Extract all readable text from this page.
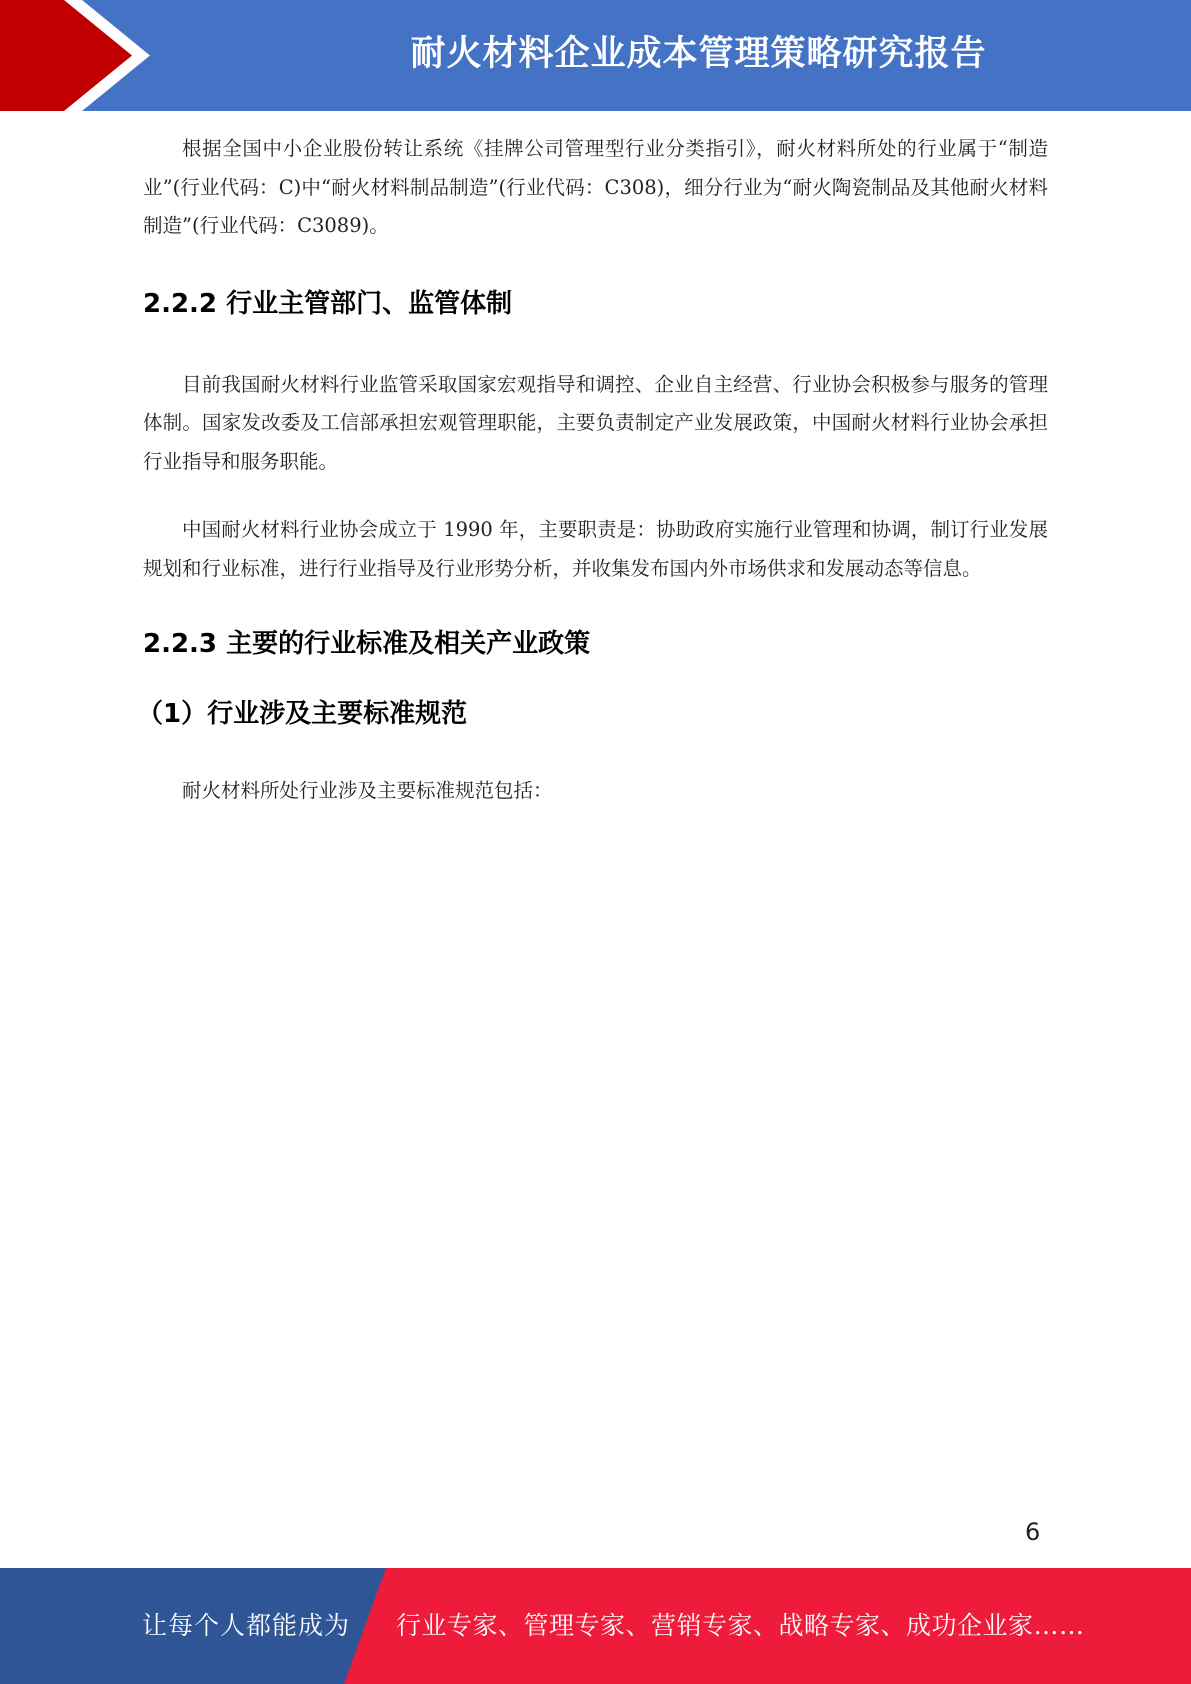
耐火材料企业成本管理策略研究报告

根据全国中小企业股份转让系统《挂牌公司管理型行业分类指引》，耐火材料所处的行业属于“制造业”(行业代码：C)中“耐火材料制品制造”(行业代码：C308)，细分行业为“耐火陶瓷制品及其他耐火材料制造”(行业代码：C3089)。

2.2.2 行业主管部门、监管体制

目前我国耐火材料行业监管采取国家宏观指导和调控、企业自主经营、行业协会积极参与服务的管理体制。国家发改委及工信部承担宏观管理职能，主要负责制定产业发展政策，中国耐火材料行业协会承担行业指导和服务职能。

中国耐火材料行业协会成立于 1990 年，主要职责是：协助政府实施行业管理和协调，制订行业发展规划和行业标准，进行行业指导及行业形势分析，并收集发布国内外市场供求和发展动态等信息。

2.2.3 主要的行业标准及相关产业政策
（1）行业涉及主要标准规范

耐火材料所处行业涉及主要标准规范包括：

6
让每个人都能成为 行业专家、管理专家、营销专家、战略专家、成功企业家……
